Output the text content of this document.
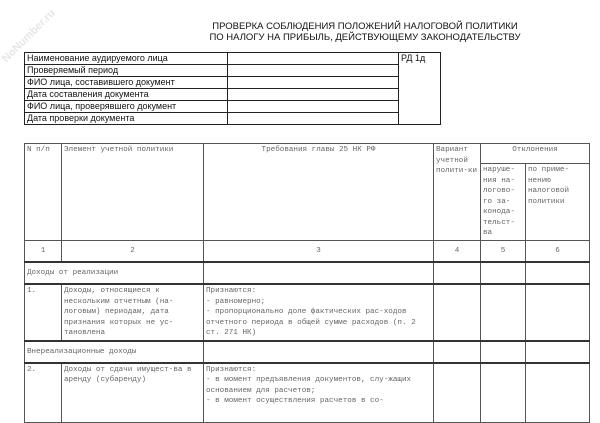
NoNumber.ru	ПРОВЕРКА СОБЛЮДЕНИЯ ПОЛОЖЕНИЙ НАЛОГОВОЙ ПОЛИТИКИ
ПО НАЛОГУ НА ПРИБЫЛЬ, ДЕЙСТВУЮЩЕМУ ЗАКОНОДАТЕЛЬСТВУ
Наименование аудируемого лица		РД 1д
Проверяемый период		
ФИО лица, составившего документ		
Дата составления документа		
ФИО лица, проверявшего документ		
Дата проверки документа		
N п/п	Элемент учетной политики	Требования главы 25 НК РФ	Вариант учетной полити-ки	Отклонения	
				наруше-ния на-логово-го за-конода-тельст-ва	по приме-нению налоговой политики
1	2	3	4	5	6
Доходы от реализации					
1.	Доходы, относящиеся к нескольким отчетным (на-логовым) периодам, дата признания которых не ус-тановлена	Признаются:
- равномерно;
- пропорционально доле фактических рас-ходов отчетного периода в общей сумме расходов (п. 2 ст. 271 НК)			

Внереализационные доходы					
2.	Доходы от сдачи имущест-ва в аренду (субаренду)	Признаются:
- в момент предъявления документов, слу-жащих основанием для расчетов;
- в момент осуществления расчетов в со-			
